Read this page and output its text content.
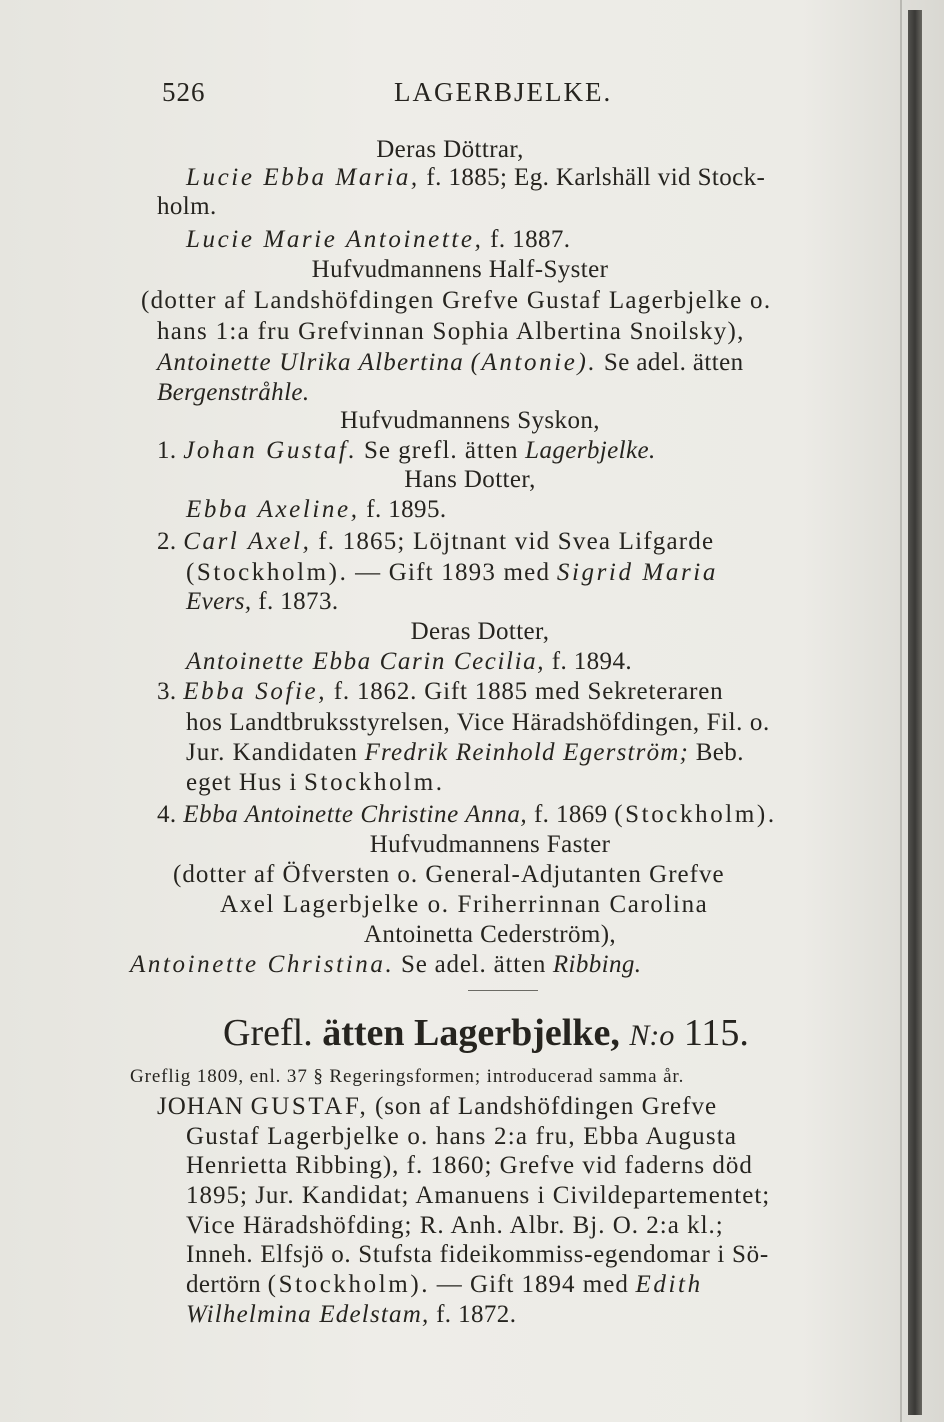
526	LAGERBJELKE.
Deras Döttrar,
Lucie Ebba Maria, f. 1885; Eg. Karlshäll vid Stock-
holm.
Lucie Marie Antoinette, f. 1887.
Hufvudmannens Half-Syster
(dotter af Landshöfdingen Grefve Gustaf Lagerbjelke o.
hans 1:a fru Grefvinnan Sophia Albertina Snoilsky),
Antoinette Ulrika Albertina (Antonie). Se adel. ätten
Bergenstråhle.
Hufvudmannens Syskon,
1. Johan Gustaf. Se grefl. ätten Lagerbjelke.
Hans Dotter,
Ebba Axeline, f. 1895.
2. Carl Axel, f. 1865; Löjtnant vid Svea Lifgarde
(Stockholm). — Gift 1893 med Sigrid Maria
Evers, f. 1873.
Deras Dotter,
Antoinette Ebba Carin Cecilia, f. 1894.
3. Ebba Sofie, f. 1862. Gift 1885 med Sekreteraren
hos Landtbruksstyrelsen, Vice Häradshöfdingen, Fil. o.
Jur. Kandidaten Fredrik Reinhold Egerström; Beb.
eget Hus i Stockholm.
4. Ebba Antoinette Christine Anna, f. 1869 (Stockholm).
Hufvudmannens Faster
(dotter af Öfversten o. General-Adjutanten Grefve
Axel Lagerbjelke o. Friherrinnan Carolina
Antoinetta Cederström),
Antoinette Christina. Se adel. ätten Ribbing.
Grefl. ätten Lagerbjelke, N:o 115.
Greflig 1809, enl. 37 § Regeringsformen; introducerad samma år.
JOHAN GUSTAF, (son af Landshöfdingen Grefve
Gustaf Lagerbjelke o. hans 2:a fru, Ebba Augusta
Henrietta Ribbing), f. 1860; Grefve vid faderns död
1895; Jur. Kandidat; Amanuens i Civildepartementet;
Vice Häradshöfding; R. Anh. Albr. Bj. O. 2:a kl.;
Inneh. Elfsjö o. Stufsta fideikommiss-egendomar i Sö-
dertörn (Stockholm). — Gift 1894 med Edith
Wilhelmina Edelstam, f. 1872.
